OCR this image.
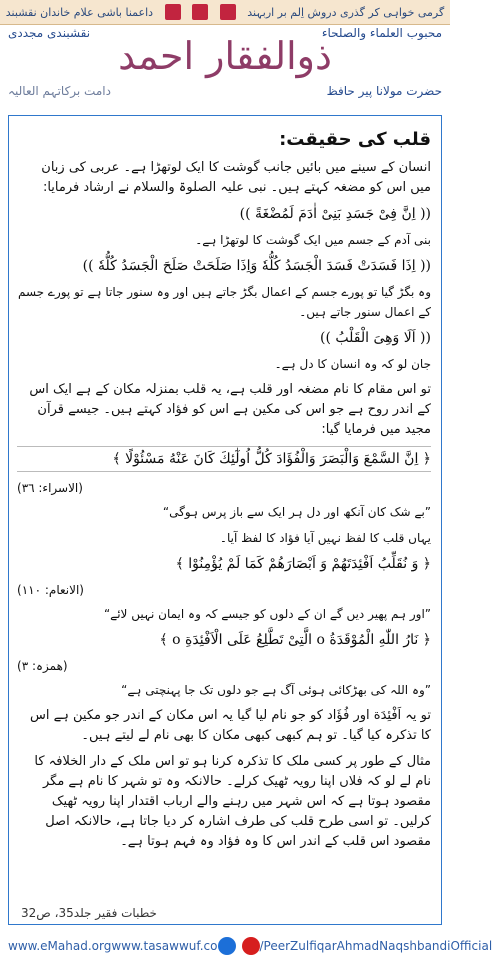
گرمی خواہی کر گذری دروش اِلم بر اربہند
داعمنا باشی علام خاندان نقشبند
محبوب العلماء والصلحاء
نقشبندی مجددی
ذوالفقار احمد
حضرت مولانا پیر حافظ
دامت برکاتہم العالیہ
قلب کی حقیقت:
انسان کے سینے میں بائیں جانب گوشت کا ایک لوتھڑا ہے۔ عربی کی زبان میں اس کو مضغہ کہتے ہیں۔ نبی علیہ الصلوۃ والسلام نے ارشاد فرمایا:
(( اِنَّ فِیْ جَسَدِ بَنِیْ اٰدَمَ لَمُضْغَةً ))
بنی آدم کے جسم میں ایک گوشت کا لوتھڑا ہے۔
(( اِذَا فَسَدَتْ فَسَدَ الْجَسَدُ كُلُّهٗ وَاِذَا صَلَحَتْ صَلَحَ الْجَسَدُ كُلُّهٗ ))
وہ بگڑ گیا تو پورے جسم کے اعمال بگڑ جاتے ہیں اور وہ سنور جاتا ہے تو پورے جسم کے اعمال سنور جاتے ہیں۔
(( اَلَا وَهِیَ الْقَلْبُ ))
جان لو کہ وہ انسان کا دل ہے۔
تو اس مقام کا نام مضغہ اور قلب ہے، یہ قلب بمنزلہ مکان کے ہے ایک اس کے اندر روح ہے جو اس کی مکین ہے اس کو فؤاد کہتے ہیں۔ جیسے قرآن مجید میں فرمایا گیا:
﴿ اِنَّ السَّمْعَ وَالْبَصَرَ وَالْفُؤَادَ كُلُّ اُولٰٓئِكَ كَانَ عَنْهُ مَسْئُوْلًا ﴾
(الاسراء: ٣٦)
”بے شک کان آنکھ اور دل ہر ایک سے باز پرس ہوگی“
یہاں قلب کا لفظ نہیں آیا فؤاد کا لفظ آیا۔
﴿ وَ نُقَلِّبُ اَفْئِدَتَهُمْ وَ اَبْصَارَهُمْ كَمَا لَمْ يُؤْمِنُوْا ﴾
(الانعام: ١١٠)
”اور ہم پھیر دیں گے ان کے دلوں کو جیسے کہ وہ ایمان نہیں لائے“
﴿ نَارُ اللّٰهِ الْمُوْقَدَةُ o الَّتِیْ تَطَّلِعُ عَلَی الْاَفْئِدَةِ o ﴾
(ھمزہ: ٣)
”وہ اللہ کی بھڑکائی ہوئی آگ ہے جو دلوں تک جا پہنچتی ہے“
تو یہ اَفْئِدَة اور فُؤَاد کو جو نام لیا گیا یہ اس مکان کے اندر جو مکین ہے اس کا تذکرہ کیا گیا۔ تو ہم کبھی کبھی مکان کا بھی نام لے لیتے ہیں۔
مثال کے طور پر کسی ملک کا تذکرہ کرنا ہو تو اس ملک کے دار الخلافہ کا نام لے لو کہ فلاں اپنا رویہ ٹھیک کرلے۔ حالانکہ وہ تو شہر کا نام ہے مگر مقصود ہوتا ہے کہ اس شہر میں رہنے والے ارباب اقتدار اپنا رویہ ٹھیک کرلیں۔ تو اسی طرح قلب کی طرف اشارہ کر دیا جاتا ہے، حالانکہ اصل مقصود اس قلب کے اندر اس کا وہ فؤاد وہ فہم ہوتا ہے۔
خطبات فقیر جلد35، ص32
www.eMahad.org www.tasawwuf.co	/PeerZulfiqarAhmadNaqshbandiOfficial
